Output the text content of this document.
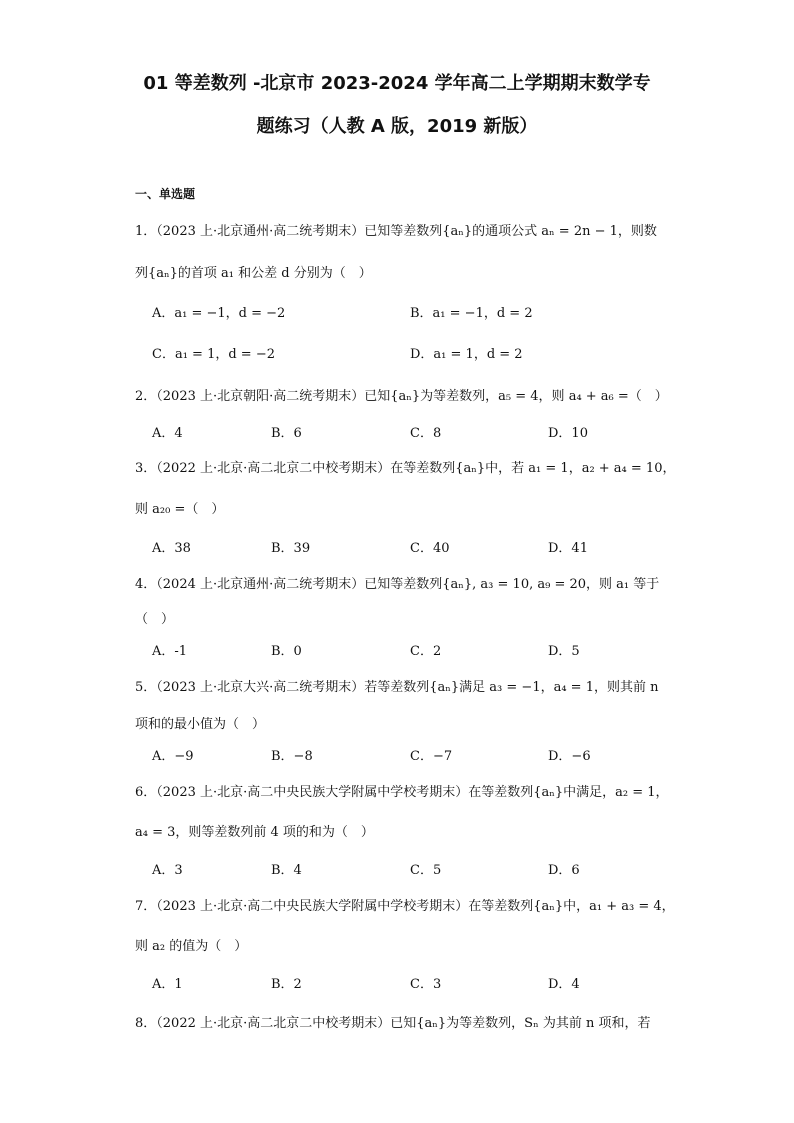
01 等差数列 -北京市 2023-2024 学年高二上学期期末数学专
题练习（人教 A 版，2019 新版）
一、单选题
1．（2023 上·北京通州·高二统考期末）已知等差数列{aₙ}的通项公式 aₙ = 2n − 1，则数
列{aₙ}的首项 a₁ 和公差 d 分别为（　）
A．a₁ = −1，d = −2	B．a₁ = −1，d = 2
C．a₁ = 1，d = −2	D．a₁ = 1，d = 2
2．（2023 上·北京朝阳·高二统考期末）已知{aₙ}为等差数列，a₅ = 4，则 a₄ + a₆ =（　）
A．4	B．6	C．8	D．10
3．（2022 上·北京·高二北京二中校考期末）在等差数列{aₙ}中，若 a₁ = 1，a₂ + a₄ = 10，
则 a₂₀ =（　）
A．38	B．39	C．40	D．41
4．（2024 上·北京通州·高二统考期末）已知等差数列{aₙ}, a₃ = 10, a₉ = 20，则 a₁ 等于
（　）
A．-1	B．0	C．2	D．5
5．（2023 上·北京大兴·高二统考期末）若等差数列{aₙ}满足 a₃ = −1，a₄ = 1，则其前 n
项和的最小值为（　）
A．−9	B．−8	C．−7	D．−6
6．（2023 上·北京·高二中央民族大学附属中学校考期末）在等差数列{aₙ}中满足，a₂ = 1，
a₄ = 3，则等差数列前 4 项的和为（　）
A．3	B．4	C．5	D．6
7．（2023 上·北京·高二中央民族大学附属中学校考期末）在等差数列{aₙ}中，a₁ + a₃ = 4，
则 a₂ 的值为（　）
A．1	B．2	C．3	D．4
8．（2022 上·北京·高二北京二中校考期末）已知{aₙ}为等差数列，Sₙ 为其前 n 项和，若
